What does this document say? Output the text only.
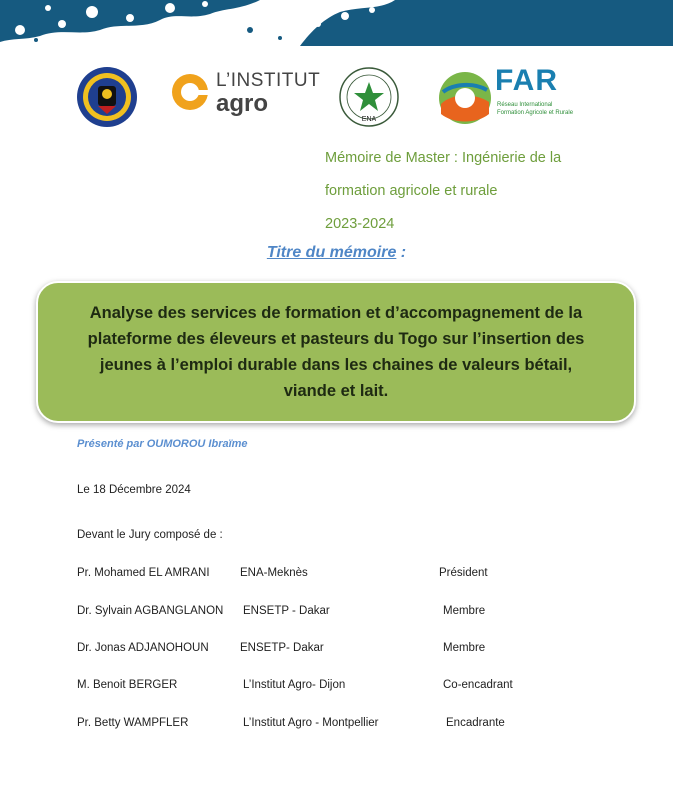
L’INSTITUT
agro
ENA
FAR
Réseau International
Formation Agricole et Rurale
Mémoire de Master : Ingénierie de la
formation agricole et rurale
2023-2024
Titre du mémoire :

Analyse des services de formation et d’accompagnement de la
plateforme des éleveurs et pasteurs du Togo sur l’insertion des
jeunes à l’emploi durable dans les chaines de valeurs bétail,
viande et lait.

Présenté par OUMOROU Ibraïme
Le 18 Décembre 2024
Devant le Jury composé de :
Pr. Mohamed EL AMRANI	ENA-Meknès	Président
Dr. Sylvain AGBANGLANON ENSETP - Dakar	Membre
Dr. Jonas ADJANOHOUN	ENSETP- Dakar	Membre
M. Benoit BERGER	L’Institut Agro- Dijon	Co-encadrant
Pr. Betty WAMPFLER	L’Institut Agro - Montpellier	Encadrante
